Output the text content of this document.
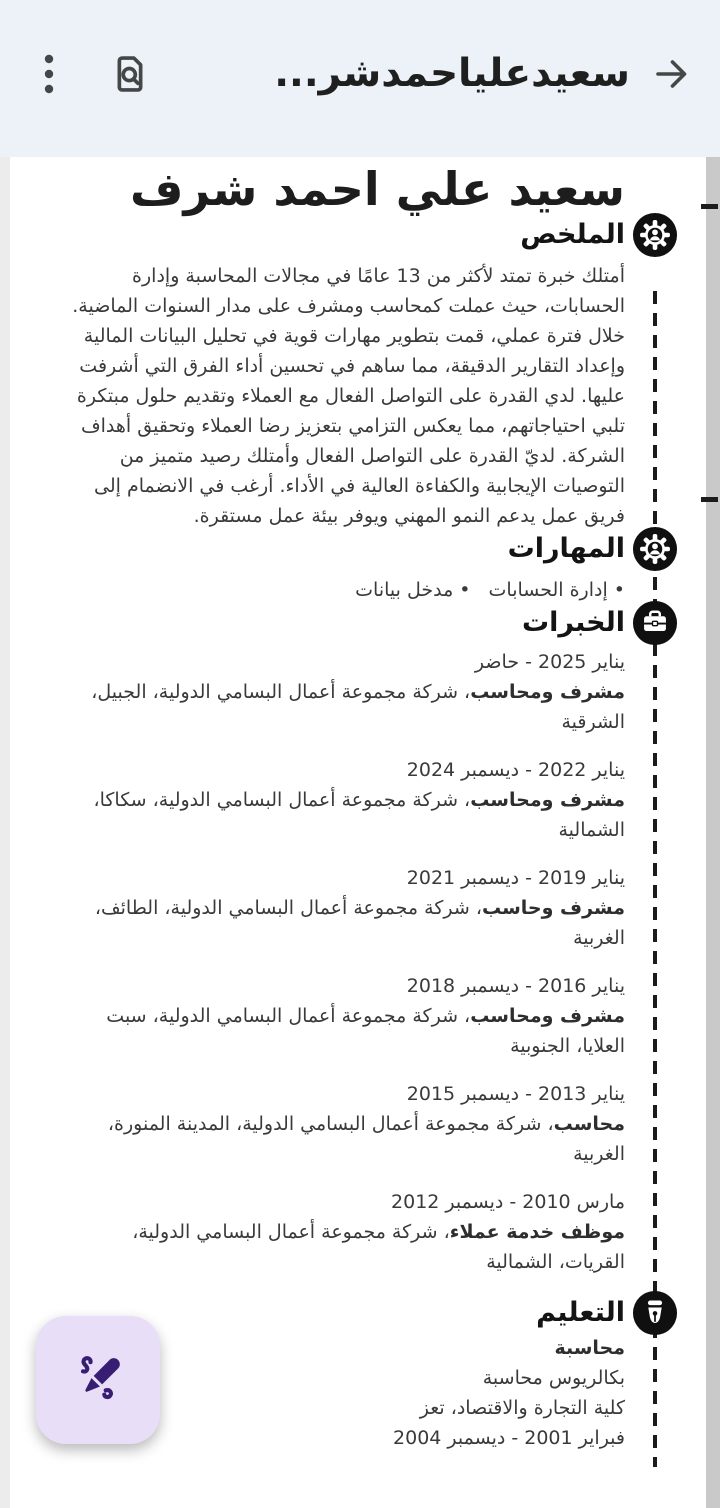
سعيدعلياحمدشر...
سعيد علي احمد شرف
الملخص

أمتلك خبرة تمتد لأكثر من 13 عامًا في مجالات المحاسبة وإدارة الحسابات، حيث عملت كمحاسب ومشرف على مدار السنوات الماضية. خلال فترة عملي، قمت بتطوير مهارات قوية في تحليل البيانات المالية وإعداد التقارير الدقيقة، مما ساهم في تحسين أداء الفرق التي أشرفت عليها. لدي القدرة على التواصل الفعال مع العملاء وتقديم حلول مبتكرة تلبي احتياجاتهم، مما يعكس التزامي بتعزيز رضا العملاء وتحقيق أهداف الشركة. لديّ القدرة على التواصل الفعال وأمتلك رصيد متميز من التوصيات الإيجابية والكفاءة العالية في الأداء. أرغب في الانضمام إلى فريق عمل يدعم النمو المهني ويوفر بيئة عمل مستقرة.

المهارات
• إدارة الحسابات
• مدخل بيانات
الخبرات
يناير 2025 - حاضر
مشرف ومحاسب، شركة مجموعة أعمال البسامي الدولية، الجبيل، الشرقية
يناير 2022 - ديسمبر 2024
مشرف ومحاسب، شركة مجموعة أعمال البسامي الدولية، سكاكا، الشمالية
يناير 2019 - ديسمبر 2021
مشرف وحاسب، شركة مجموعة أعمال البسامي الدولية، الطائف، الغربية
يناير 2016 - ديسمبر 2018
مشرف ومحاسب، شركة مجموعة أعمال البسامي الدولية، سبت العلايا، الجنوبية
يناير 2013 - ديسمبر 2015
محاسب، شركة مجموعة أعمال البسامي الدولية، المدينة المنورة، الغربية
مارس 2010 - ديسمبر 2012
موظف خدمة عملاء، شركة مجموعة أعمال البسامي الدولية، القريات، الشمالية
التعليم
محاسبة
بكالريوس محاسبة
كلية التجارة والاقتصاد، تعز
فبراير 2001 - ديسمبر 2004
